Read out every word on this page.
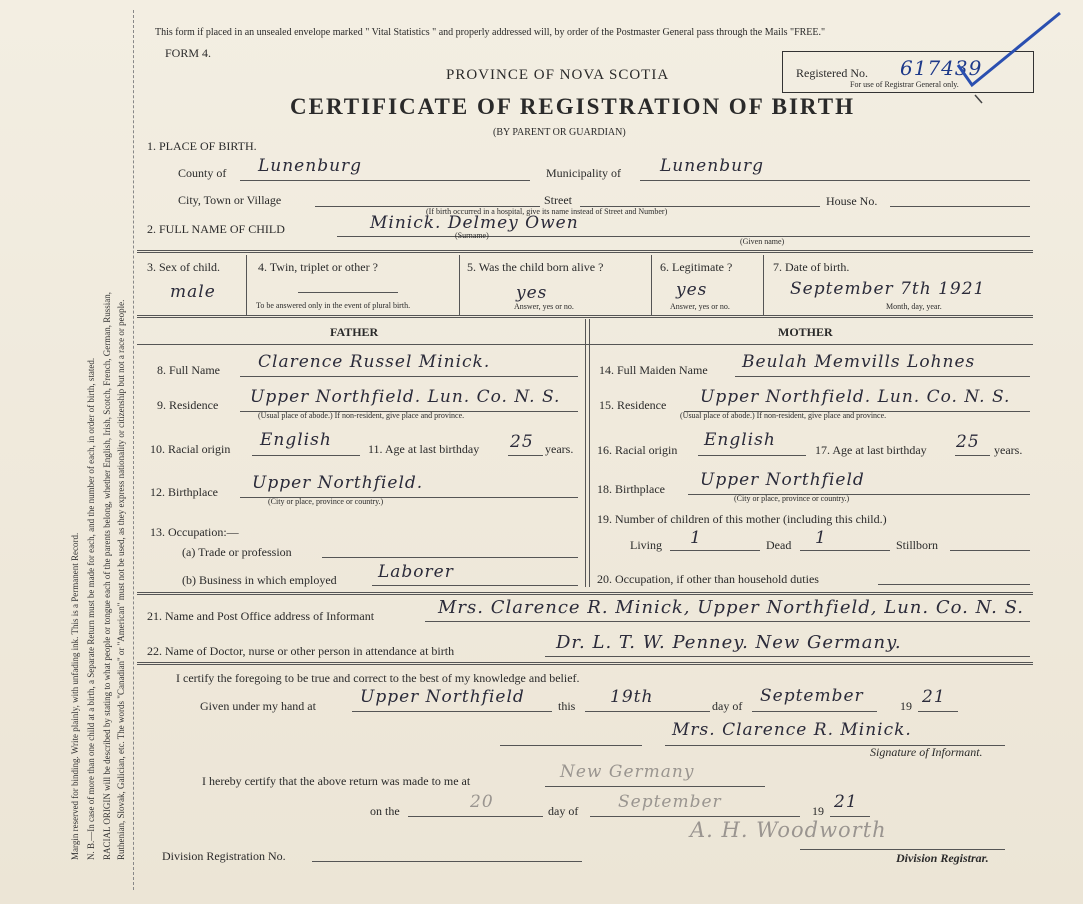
Margin reserved for binding. Write plainly, with unfading ink. This is a Permanent Record. N. B.—In case of more than one child at a birth, a Separate Return must be made for each, and the number of each, in order of birth, stated. RACIAL ORIGIN will be described by stating to what people or tongue each of the parents belong, whether English, Irish, Scotch, French, German, Russian, Ruthenian, Slovak, Galician, etc. The words "Canadian" or "American" must not be used, as they express nationality or citizenship but not a race or people.
This form if placed in an unsealed envelope marked " Vital Statistics " and properly addressed will, by order of the Postmaster General pass through the Mails "FREE."
FORM 4.
PROVINCE OF NOVA SCOTIA
CERTIFICATE OF REGISTRATION OF BIRTH
(BY PARENT OR GUARDIAN)
Registered No. 617439
For use of Registrar General only.
1. PLACE OF BIRTH.
County of Lunenburg	Municipality of Lunenburg
City, Town or Village	Street	House No.
(If birth occurred in a hospital, give its name instead of Street and Number)
2. FULL NAME OF CHILD	Minick. Delmey Owen
(Surname)
(Given name)
3. Sex of child.
male
4. Twin, triplet or other ?
To be answered only in the event of plural birth.
5. Was the child born alive ?
yes
Answer, yes or no.
6. Legitimate ?
yes
Answer, yes or no.
7. Date of birth.
September 7th 1921
Month, day, year.
FATHER	MOTHER
8. Full Name Clarence Russel Minick.
9. Residence Upper Northfield. Lun. Co. N. S.
(Usual place of abode.) If non-resident, give place and province.
10. Racial origin English	11. Age at last birthday 25 years.
12. Birthplace Upper Northfield.
(City or place, province or country.)
13. Occupation:—
(a) Trade or profession
(b) Business in which employed Laborer
14. Full Maiden Name Beulah Memvills Lohnes
15. Residence Upper Northfield. Lun. Co. N. S.
(Usual place of abode.) If non-resident, give place and province.
16. Racial origin English	17. Age at last birthday 25 years.
18. Birthplace Upper Northfield
(City or place, province or country.)
19. Number of children of this mother (including this child.)
Living 1	Dead 1	Stillborn
20. Occupation, if other than household duties
21. Name and Post Office address of Informant	Mrs. Clarence R. Minick, Upper Northfield, Lun. Co. N. S.
22. Name of Doctor, nurse or other person in attendance at birth	Dr. L. T. W. Penney. New Germany.
I certify the foregoing to be true and correct to the best of my knowledge and belief.
Given under my hand at	Upper Northfield	this 19th	day of September	19 21
Mrs. Clarence R. Minick.
Signature of Informant.
I hereby certify that the above return was made to me at	New Germany
on the	20	day of September	19 21
A. H. Woodworth
Division Registration No.	Division Registrar.
